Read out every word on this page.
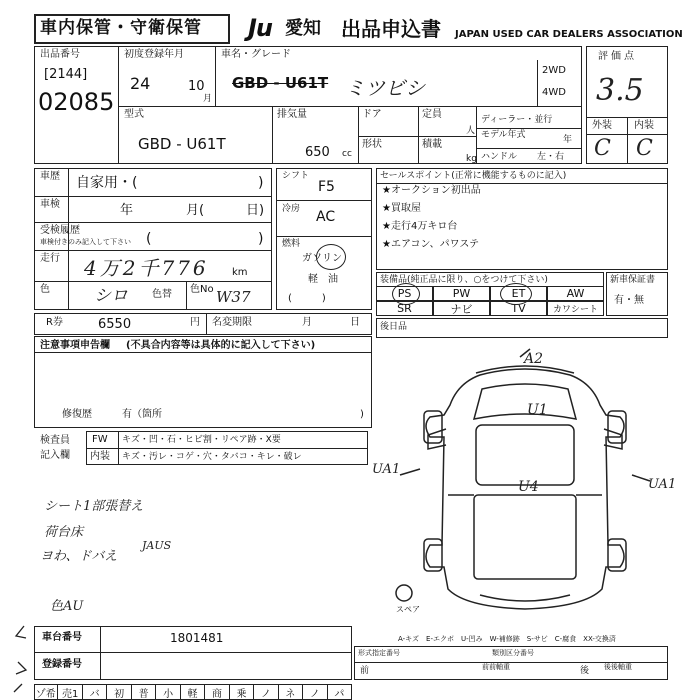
車内保管・守衛保管 Ju 愛知 出品申込書 JAPAN USED CAR DEALERS ASSOCIATION
出品番号
[2144]
02085
初度登録年月
24	10
月
車名・グレード
GBD - U61T ミツビシ
2WD
4WD
型式
GBD - U61T
排気量
650 cc
ドア	定員
人
形状	積載
kg
ディーラー・並行
モデル年式	年
ハンドル 左・右
評価点
3.5
外装 内装
C C
車歴 自家用・(	)
車検	年	月(	日)
受検履歴
車検付きのみ記入して下さい (	)
走行 4万2千776 km
色	シロ 色替 色No W37
シフト
F5
冷房 AC
燃料
ガソリン
軽　油
(　　　)
セールスポイント(正常に機能するものに記入)
★オークション初出品
★買取屋
★走行4万キロ台
★エアコン、パワステ
装備品(純正品に限り、○をつけて下さい)
PS	PW	ET	AW
SR	ナビ	TV	カワシート
新車保証書
有・無
R券	6550	円 名変期限	月	日 後日品
注意事項申告欄 (不具合内容等は具体的に記入して下さい)
修復歴	有（箇所	)
検査員
記入欄
FW キズ・凹・石・ヒビ割・リペア跡・X要
内装 キズ・汚レ・コゲ・穴・タバコ・キレ・破レ
シート1部張替え
荷台床
ヨわ、ドバえ
JAUS
色AU
A2
U1
U4
UA1
UA1
スペア
A-キズ　E-エクボ　U-凹み　W-補修跡　S-サビ　C-腐食　XX-交換済
車台番号	1801481
登録番号
形式指定番号	類別区分番号
前	後
前前軸重	後後軸重
ゾ希 売1	バ	初	普	小	軽	商	乗	ノ	ネ	ノ	パ
